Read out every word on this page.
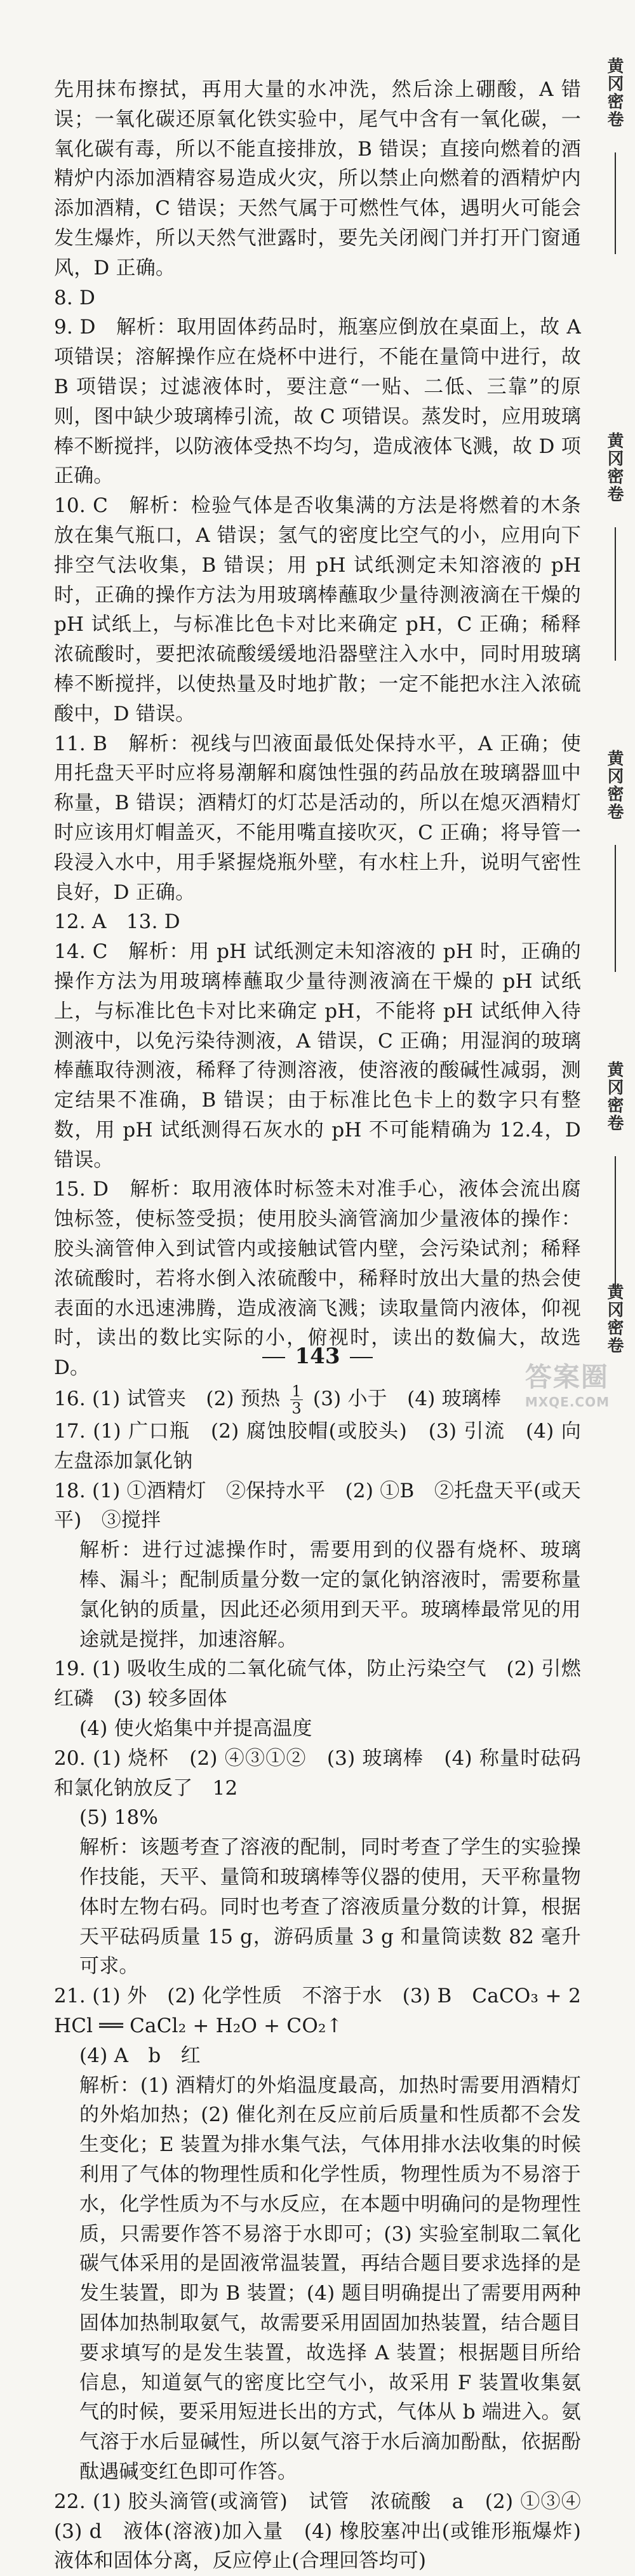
先用抹布擦拭，再用大量的水冲洗，然后涂上硼酸，A 错误；一氧化碳还原氧化铁实验中，尾气中含有一氧化碳，一氧化碳有毒，所以不能直接排放，B 错误；直接向燃着的酒精炉内添加酒精容易造成火灾，所以禁止向燃着的酒精炉内添加酒精，C 错误；天然气属于可燃性气体，遇明火可能会发生爆炸，所以天然气泄露时，要先关闭阀门并打开门窗通风，D 正确。

8. D

9. D　解析：取用固体药品时，瓶塞应倒放在桌面上，故 A 项错误；溶解操作应在烧杯中进行，不能在量筒中进行，故 B 项错误；过滤液体时，要注意“一贴、二低、三靠”的原则，图中缺少玻璃棒引流，故 C 项错误。蒸发时，应用玻璃棒不断搅拌，以防液体受热不均匀，造成液体飞溅，故 D 项正确。

10. C　解析：检验气体是否收集满的方法是将燃着的木条放在集气瓶口，A 错误；氢气的密度比空气的小，应用向下排空气法收集，B 错误；用 pH 试纸测定未知溶液的 pH 时，正确的操作方法为用玻璃棒蘸取少量待测液滴在干燥的 pH 试纸上，与标准比色卡对比来确定 pH，C 正确；稀释浓硫酸时，要把浓硫酸缓缓地沿器壁注入水中，同时用玻璃棒不断搅拌，以使热量及时地扩散；一定不能把水注入浓硫酸中，D 错误。

11. B　解析：视线与凹液面最低处保持水平，A 正确；使用托盘天平时应将易潮解和腐蚀性强的药品放在玻璃器皿中称量，B 错误；酒精灯的灯芯是活动的，所以在熄灭酒精灯时应该用灯帽盖灭，不能用嘴直接吹灭，C 正确；将导管一段浸入水中，用手紧握烧瓶外壁，有水柱上升，说明气密性良好，D 正确。

12. A　13. D

14. C　解析：用 pH 试纸测定未知溶液的 pH 时，正确的操作方法为用玻璃棒蘸取少量待测液滴在干燥的 pH 试纸上，与标准比色卡对比来确定 pH，不能将 pH 试纸伸入待测液中，以免污染待测液，A 错误，C 正确；用湿润的玻璃棒蘸取待测液，稀释了待测溶液，使溶液的酸碱性减弱，测定结果不准确，B 错误；由于标准比色卡上的数字只有整数，用 pH 试纸测得石灰水的 pH 不可能精确为 12.4，D 错误。

15. D　解析：取用液体时标签未对准手心，液体会流出腐蚀标签，使标签受损；使用胶头滴管滴加少量液体的操作：胶头滴管伸入到试管内或接触试管内壁，会污染试剂；稀释浓硫酸时，若将水倒入浓硫酸中，稀释时放出大量的热会使表面的水迅速沸腾，造成液滴飞溅；读取量筒内液体，仰视时，读出的数比实际的小，俯视时，读出的数偏大，故选 D。

16. (1) 试管夹　(2) 预热 $\frac{1}{3} (3)$ 小于　(4) 玻璃棒

17. (1) 广口瓶　(2) 腐蚀胶帽(或胶头)　(3) 引流　(4) 向左盘添加氯化钠

18. (1) ①酒精灯　②保持水平　(2) ①B　②托盘天平(或天平)　③搅拌

解析：进行过滤操作时，需要用到的仪器有烧杯、玻璃棒、漏斗；配制质量分数一定的氯化钠溶液时，需要称量氯化钠的质量，因此还必须用到天平。玻璃棒最常见的用途就是搅拌，加速溶解。

19. (1) 吸收生成的二氧化硫气体，防止污染空气　(2) 引燃红磷　(3) 较多固体

(4) 使火焰集中并提高温度

20. (1) 烧杯　(2) ④③①②　(3) 玻璃棒　(4) 称量时砝码和氯化钠放反了　12

(5) 18%

解析：该题考查了溶液的配制，同时考查了学生的实验操作技能，天平、量筒和玻璃棒等仪器的使用，天平称量物体时左物右码。同时也考查了溶液质量分数的计算，根据天平砝码质量 15 g，游码质量 3 g 和量筒读数 82 毫升可求。

21. (1) 外　(2) 化学性质　不溶于水　(3) B　CaCO₃ + 2HCl ══ CaCl₂ + H₂O + CO₂↑

(4) A　b　红

解析：(1) 酒精灯的外焰温度最高，加热时需要用酒精灯的外焰加热；(2) 催化剂在反应前后质量和性质都不会发生变化；E 装置为排水集气法，气体用排水法收集的时候利用了气体的物理性质和化学性质，物理性质为不易溶于水，化学性质为不与水反应，在本题中明确问的是物理性质，只需要作答不易溶于水即可；(3) 实验室制取二氧化碳气体采用的是固液常温装置，再结合题目要求选择的是发生装置，即为 B 装置；(4) 题目明确提出了需要用两种固体加热制取氨气，故需要采用固固加热装置，结合题目要求填写的是发生装置，故选择 A 装置；根据题目所给信息，知道氨气的密度比空气小，故采用 F 装置收集氨气的时候，要采用短进长出的方式，气体从 b 端进入。氨气溶于水后显碱性，所以氨气溶于水后滴加酚酞，依据酚酞遇碱变红色即可作答。

22. (1) 胶头滴管(或滴管)　试管　浓硫酸　a　(2) ①③④　(3) d　液体(溶液)加入量　(4) 橡胶塞冲出(或锥形瓶爆炸)　液体和固体分离，反应停止(合理回答均可)

143
黄冈密卷
黄冈密卷
黄冈密卷
黄冈密卷
黄冈密卷
答案圈
MXQE.COM
